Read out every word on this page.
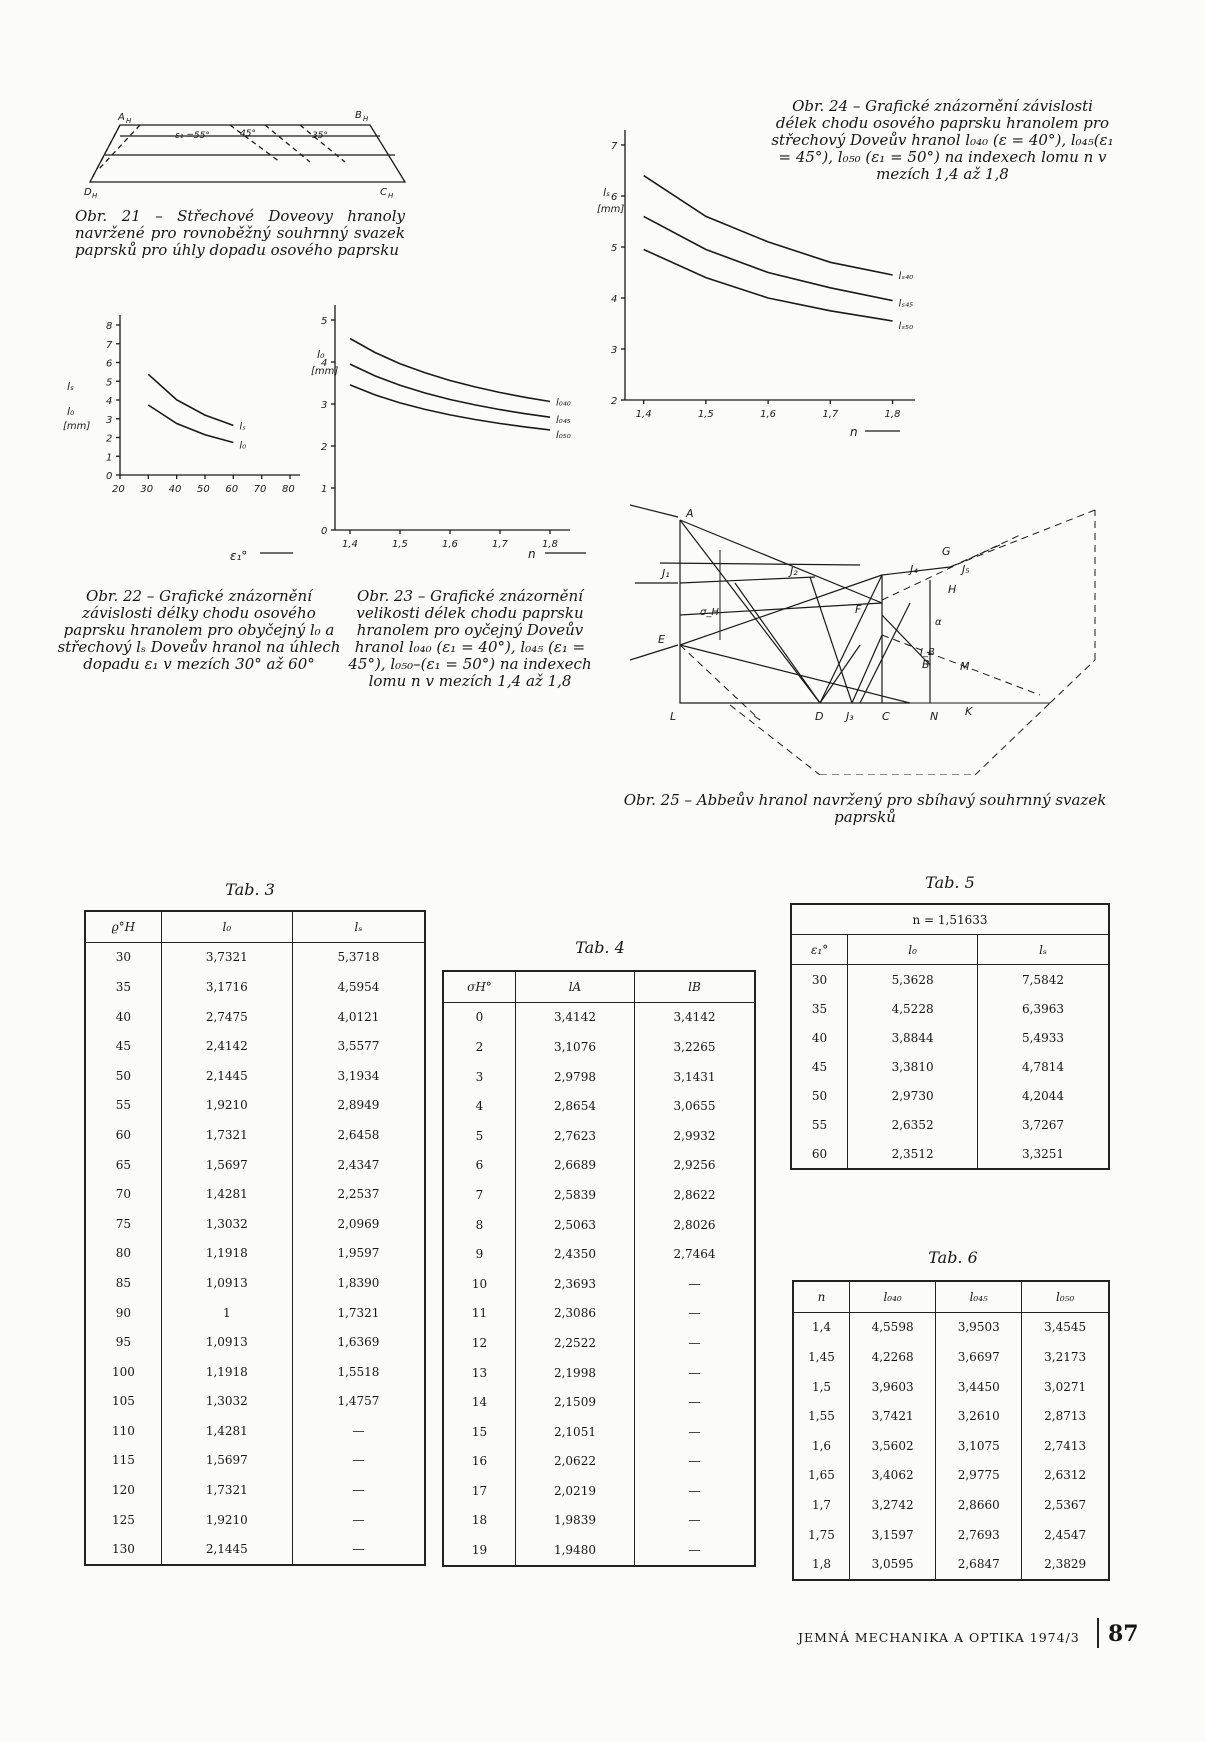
A H	B H
C H
D H
ε₁ =55°	45°	35°
Obr. 21 – Střechové Doveovy hranoly navržené pro rovnoběžný souhrnný svazek paprsků pro úhly dopadu osového paprsku
0
1
2
3
4
5
6
7
8
20 30 40 50 60 70 80
lₛ
l₀
lₛ
l₀
[mm]
ε₁°
Obr. 22 – Grafické znázornění závislosti délky chodu osového paprsku hranolem pro obyčejný l₀ a střechový lₛ Doveův hranol na úhlech dopadu ε₁ v mezích 30° až 60°
0
1
2
3
4
5
1,4	1,5	1,6	1,7	1,8
l₀₄₀
l₀₄₅
l₀₅₀
l₀
[mm]
n
Obr. 23 – Grafické znázornění velikosti délek chodu paprsku hranolem pro oyčejný Doveův hranol l₀₄₀ (ε₁ = 40°), l₀₄₅ (ε₁ = 45°), l₀₅₀–(ε₁ = 50°) na indexech lomu n v mezích 1,4 až 1,8
Obr. 24 – Grafické znázornění závislosti délek chodu osového paprsku hranolem pro střechový Doveův hranol l₀₄₀ (ε = 40°), l₀₄₅(ε₁ = 45°), l₀₅₀ (ε₁ = 50°) na indexech lomu n v mezích 1,4 až 1,8
2
3
4
5
6
7
1,4	1,5	1,6	1,7	1,8
lₛ₄₀
lₛ₄₅
lₛ₅₀
lₛ
[mm]
n
A
E
L	D J₃	C	N K
J₁	J₂
F
J₄
G
J₅
H
B	M
σ_H
α
I_B
Obr. 25 – Abbeův hranol navržený pro sbíhavý souhrnný svazek paprsků
Tab. 3
ϱ°H	l₀	lₛ
30	3,7321	5,3718
35	3,1716	4,5954
40	2,7475	4,0121
45	2,4142	3,5577
50	2,1445	3,1934
55	1,9210	2,8949
60	1,7321	2,6458
65	1,5697	2,4347
70	1,4281	2,2537
75	1,3032	2,0969
80	1,1918	1,9597
85	1,0913	1,8390
90	1	1,7321
95	1,0913	1,6369
100	1,1918	1,5518
105	1,3032	1,4757
110	1,4281	—
115	1,5697	—
120	1,7321	—
125	1,9210	—
130	2,1445	—
Tab. 4
σH°	lA	lB
0	3,4142	3,4142
2	3,1076	3,2265
3	2,9798	3,1431
4	2,8654	3,0655
5	2,7623	2,9932
6	2,6689	2,9256
7	2,5839	2,8622
8	2,5063	2,8026
9	2,4350	2,7464
10	2,3693	—
11	2,3086	—
12	2,2522	—
13	2,1998	—
14	2,1509	—
15	2,1051	—
16	2,0622	—
17	2,0219	—
18	1,9839	—
19	1,9480	—
Tab. 5
n = 1,51633		
ε₁°	l₀	lₛ
30	5,3628	7,5842
35	4,5228	6,3963
40	3,8844	5,4933
45	3,3810	4,7814
50	2,9730	4,2044
55	2,6352	3,7267
60	2,3512	3,3251
Tab. 6
n	l₀₄₀	l₀₄₅	l₀₅₀
1,4	4,5598	3,9503	3,4545
1,45	4,2268	3,6697	3,2173
1,5	3,9603	3,4450	3,0271
1,55	3,7421	3,2610	2,8713
1,6	3,5602	3,1075	2,7413
1,65	3,4062	2,9775	2,6312
1,7	3,2742	2,8660	2,5367
1,75	3,1597	2,7693	2,4547
1,8	3,0595	2,6847	2,3829
JEMNÁ MECHANIKA A OPTIKA 1974/3 87
